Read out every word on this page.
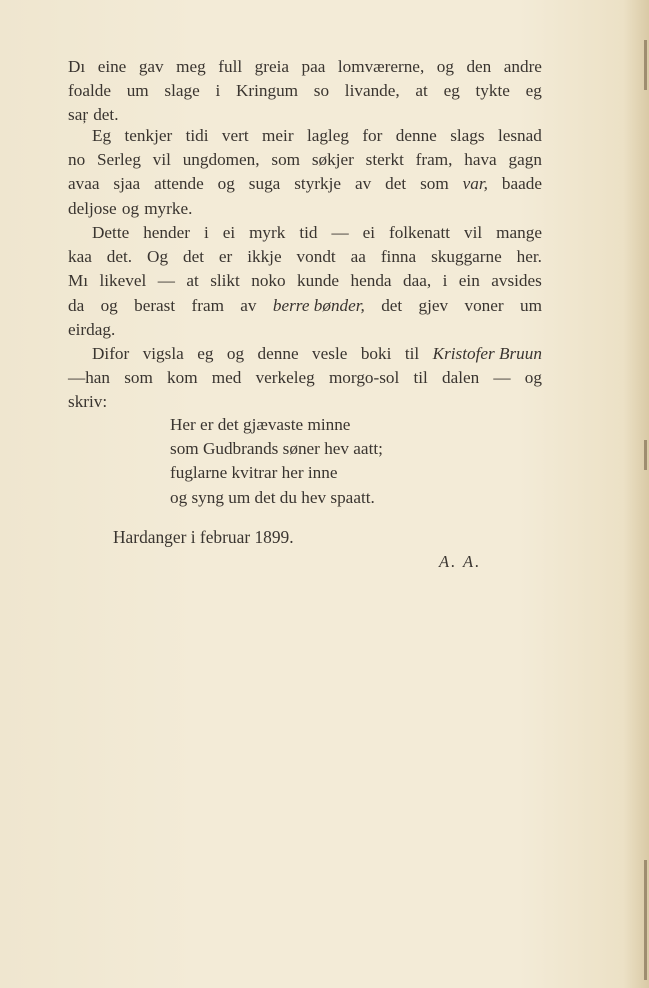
Dı eine gav meg full greia paa lomværerne, og den andre
foalde um slage i Kringum so livande, at eg tykte eg
saŗ det.
Eg tenkjer tidi vert meir lagleg for denne slags lesnad
no Serleg vil ungdomen, som søkjer sterkt fram, hava gagn
avaa sjaa attende og suga styrkje av det som var, baade
deljose og myrke.
Dette hender i ei myrk tid — ei folkenatt vil mange
kaa det. Og det er ikkje vondt aa finna skuggarne her.
Mı likevel — at slikt noko kunde henda daa, i ein avsides
da og berast fram av berre bønder, det gjev voner um
eirdag.
Difor vigsla eg og denne vesle boki til Kristofer Bruun
—han som kom med verkeleg morgo-sol til dalen — og
skriv:
Her er det gjævaste minne
som Gudbrands søner hev aatt;
fuglarne kvitrar her inne
og syng um det du hev spaatt.
Hardanger i februar 1899.
A. A.
